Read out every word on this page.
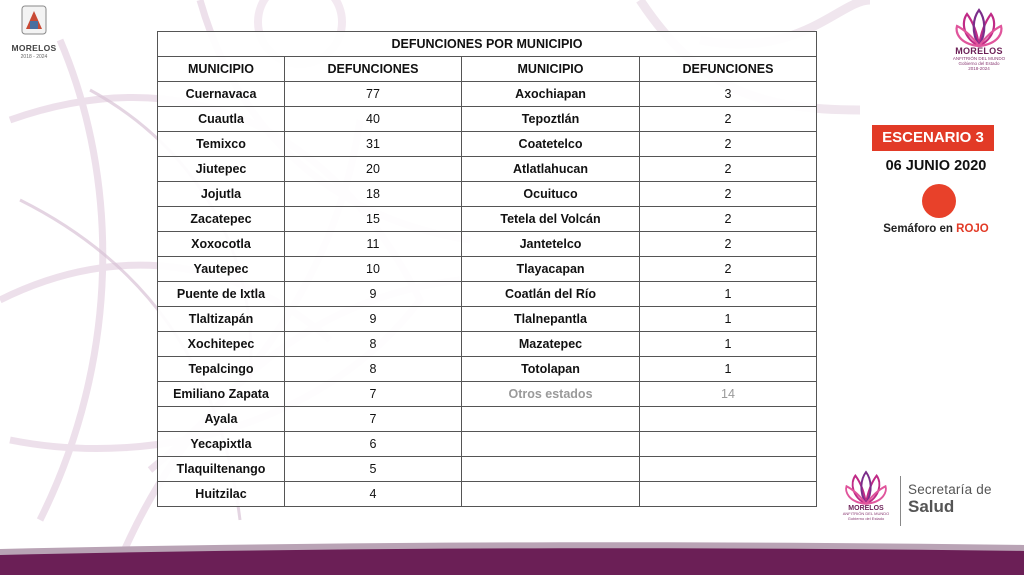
MORELOS
2018 - 2024
MORELOS
ANFITRIÓN DEL MUNDO
Gobierno del Estado
2018-2024
DEFUNCIONES POR MUNICIPIO			
MUNICIPIO	DEFUNCIONES	MUNICIPIO	DEFUNCIONES
Cuernavaca	77	Axochiapan	3
Cuautla	40	Tepoztlán	2
Temixco	31	Coatetelco	2
Jiutepec	20	Atlatlahucan	2
Jojutla	18	Ocuituco	2
Zacatepec	15	Tetela del Volcán	2
Xoxocotla	11	Jantetelco	2
Yautepec	10	Tlayacapan	2
Puente de Ixtla	9	Coatlán del Río	1
Tlaltizapán	9	Tlalnepantla	1
Xochitepec	8	Mazatepec	1
Tepalcingo	8	Totolapan	1
Emiliano Zapata	7	Otros estados	14
Ayala	7		
Yecapixtla	6		
Tlaquiltenango	5		
Huitzilac	4		
ESCENARIO 3
06 JUNIO 2020
Semáforo en ROJO
MORELOS
ANFITRIÓN DEL MUNDO
Gobierno del Estado
Secretaría de
Salud
